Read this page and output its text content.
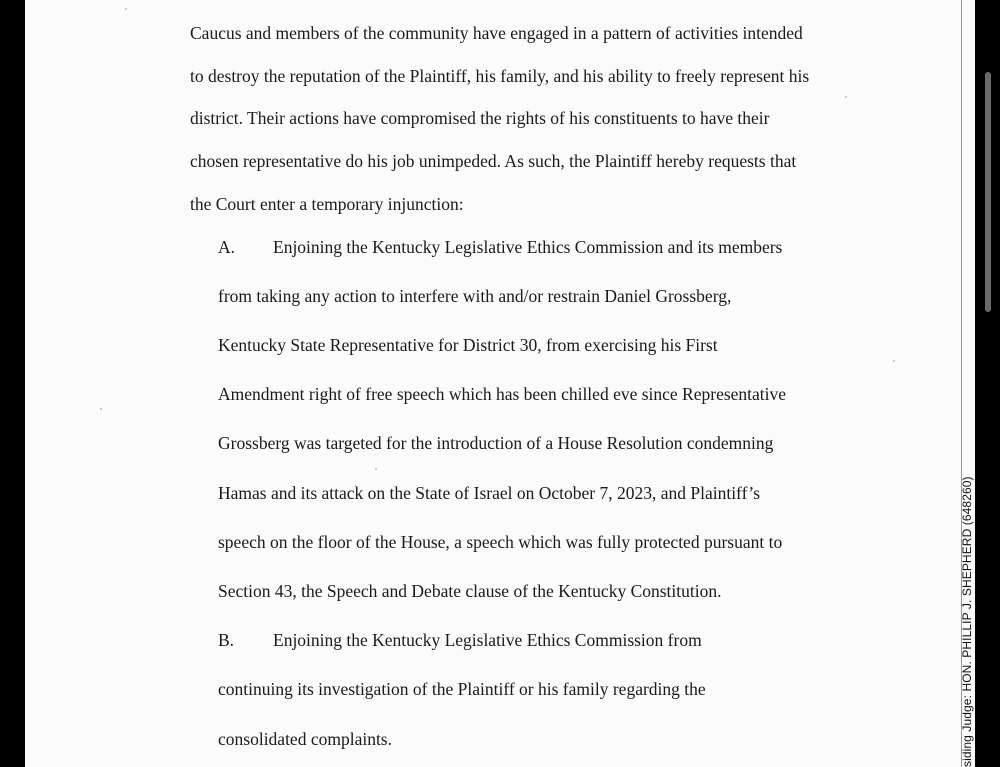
Caucus and members of the community have engaged in a pattern of activities intended

to destroy the reputation of the Plaintiff, his family, and his ability to freely represent his

district. Their actions have compromised the rights of his constituents to have their

chosen representative do his job unimpeded. As such, the Plaintiff hereby requests that

the Court enter a temporary injunction:

A. Enjoining the Kentucky Legislative Ethics Commission and its members

from taking any action to interfere with and/or restrain Daniel Grossberg,

Kentucky State Representative for District 30, from exercising his First

Amendment right of free speech which has been chilled eve since Representative

Grossberg was targeted for the introduction of a House Resolution condemning

Hamas and its attack on the State of Israel on October 7, 2023, and Plaintiff’s

speech on the floor of the House, a speech which was fully protected pursuant to

Section 43, the Speech and Debate clause of the Kentucky Constitution.

B. Enjoining the Kentucky Legislative Ethics Commission from

continuing its investigation of the Plaintiff or his family regarding the

consolidated complaints.	siding Judge: HON. PHILLIP J. SHEPHERD (648260)
